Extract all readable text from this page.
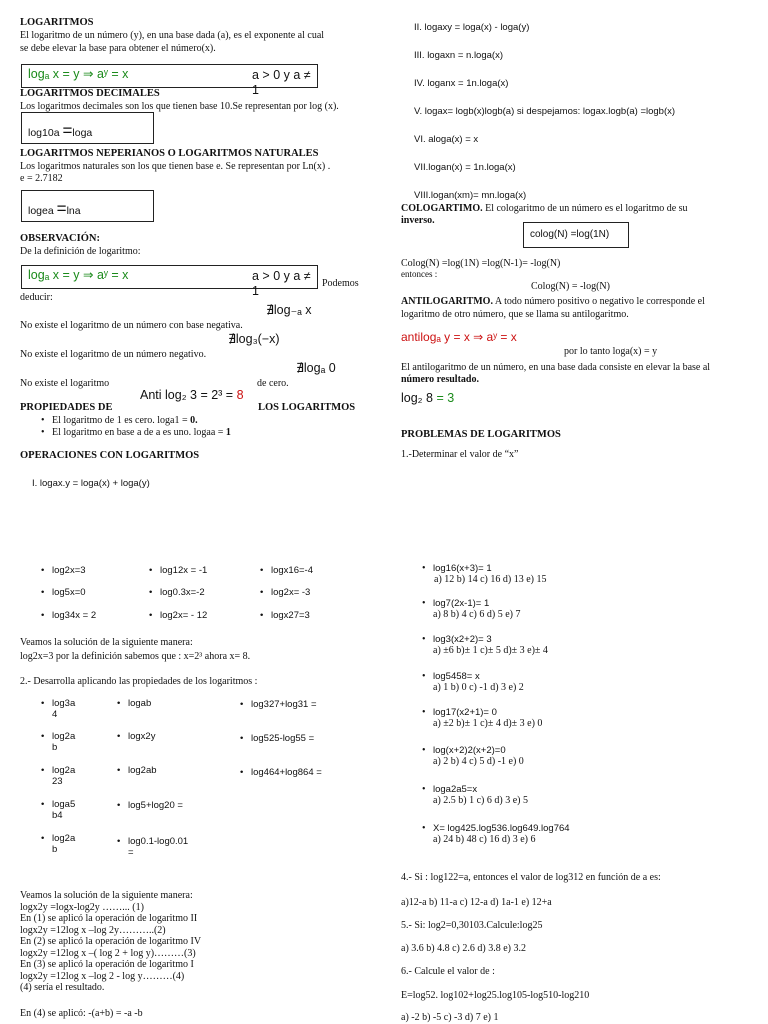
LOGARITMOS
El logaritmo de un número (y), en una base dada (a), es el exponente al cual
se debe elevar la base para obtener el número(x).
logₐ x = y ⇒ aʸ = x	a > 0 y a ≠ 1
LOGARITMOS DECIMALES
Los logaritmos decimales son los que tienen base 10.Se representan por log (x).
log10a =loga
LOGARITMOS NEPERIANOS O LOGARITMOS NATURALES
Los logaritmos naturales son los que tienen base e. Se representan por Ln(x) .
e = 2.7182
logea =lna
OBSERVACIÓN:
De la definición de logaritmo:
logₐ x = y ⇒ aʸ = x	a > 0 y a ≠ 1
Podemos
deducir:
∄log₋ₐ x
No existe el logaritmo de un número con base negativa.
∄log₃(−x)
No existe el logaritmo de un número negativo.
∄logₐ 0
No existe el logaritmo
Anti log₂ 3 = 2³ = 8
de cero.
PROPIEDADES DE	LOS LOGARITMOS
• El logaritmo de 1 es cero. loga1 = 0.
• El logaritmo en base a de a es uno. logaa = 1
OPERACIONES CON LOGARITMOS
I. logax.y = loga(x) + loga(y)
• log2x=3
• log5x=0
• log34x = 2
• log12x = -1
• log0.3x=-2
• log2x= - 12
• logx16=-4
• log2x= -3
• logx27=3
Veamos la solución de la siguiente manera:
log2x=3 por la definición sabemos que : x=2³ ahora x= 8.
2.- Desarrolla aplicando las propiedades de los logaritmos :
• log3a
4
• log2a
b
• log2a
23
• loga5
b4
• log2a
b
• logab
• logx2y
• log2ab
• log5+log20 =
• log0.1-log0.01
=
• log327+log31 =
• log525-log55 =
• log464+log864 =
Veamos la solución de la siguiente manera:
logx2y =logx-log2y ……... (1)
En (1) se aplicó la operación de logaritmo II
logx2y =12log x –log 2y………..(2)
En (2) se aplicó la operación de logaritmo IV
logx2y =12log x –( log 2 + log y)………(3)
En (3) se aplicó la operación de logaritmo I
logx2y =12log x –log 2 - log y………(4)
(4) sería el resultado.
En (4) se aplicó: -(a+b) = -a -b
II. logaxy = loga(x) - loga(y)
III. logaxn = n.loga(x)
IV. loganx = 1n.loga(x)
V. logax= logb(x)logb(a) si despejamos: logax.logb(a) =logb(x)
VI. aloga(x) = x
VII.logan(x) = 1n.loga(x)
VIII.logan(xm)= mn.loga(x)
COLOGARTIMO. El cologaritmo de un número es el logaritmo de su
inverso.
colog(N) =log(1N)
Colog(N) =log(1N) =log(N-1)= -log(N)
entonces :
Colog(N) = -log(N)
ANTILOGARITMO. A todo número positivo o negativo le corresponde el
logaritmo de otro número, que se llama su antilogaritmo.
antilogₐ y = x ⇒ aʸ = x
por lo tanto loga(x) = y
El antilogaritmo de un número, en una base dada consiste en elevar la base al
número resultado.
log₂ 8 = 3
PROBLEMAS DE LOGARITMOS
1.-Determinar el valor de “x”
• log16(x+3)= 1
a) 12 b) 14 c) 16 d) 13 e) 15
• log7(2x-1)= 1
a) 8 b) 4 c) 6 d) 5 e) 7
• log3(x2+2)= 3
a) ±6 b)± 1 c)± 5 d)± 3 e)± 4
• log5458= x
a) 1 b) 0 c) -1 d) 3 e) 2
• log17(x2+1)= 0
a) ±2 b)± 1 c)± 4 d)± 3 e) 0
• log(x+2)2(x+2)=0
a) 2 b) 4 c) 5 d) -1 e) 0
• loga2a5=x
a) 2.5 b) 1 c) 6 d) 3 e) 5
• X= log425.log536.log649.log764
a) 24 b) 48 c) 16 d) 3 e) 6
4.- Si : log122=a, entonces el valor de log312 en función de a es:
a)12-a b) 11-a c) 12-a d) 1a-1 e) 12+a
5.- Si: log2=0,30103.Calcule:log25
a) 3.6 b) 4.8 c) 2.6 d) 3.8 e) 3.2
6.- Calcule el valor de :
E=log52. log102+log25.log105-log510-log210
a) -2 b) -5 c) -3 d) 7 e) 1
